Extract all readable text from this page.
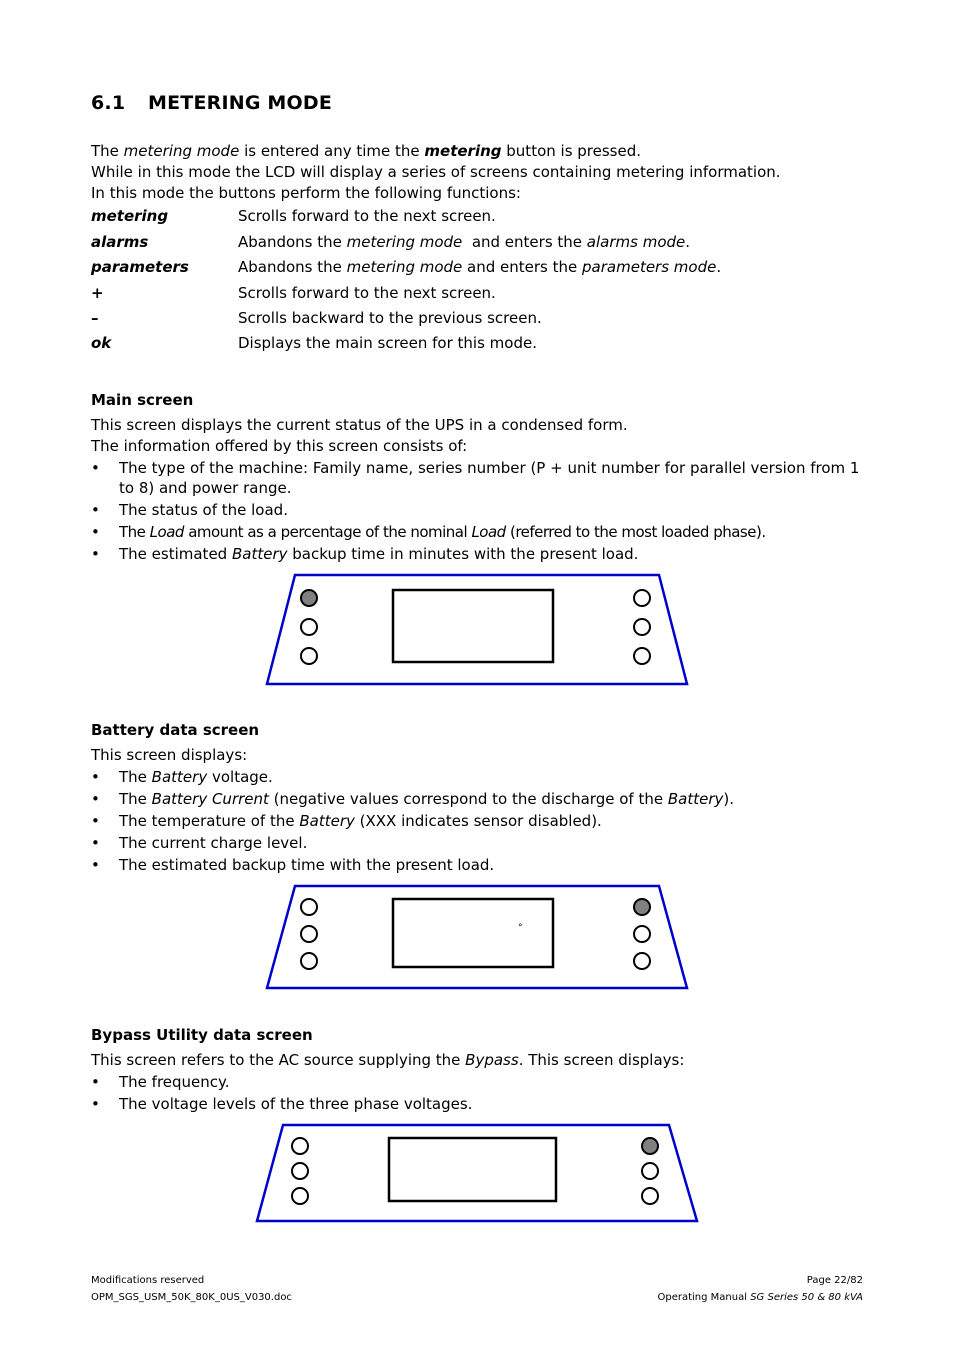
6.1 METERING MODE
The metering mode is entered any time the metering button is pressed.
While in this mode the LCD will display a series of screens containing metering information.
In this mode the buttons perform the following functions:
metering	Scrolls forward to the next screen.
alarms	Abandons the metering mode  and enters the alarms mode.
parameters	Abandons the metering mode and enters the parameters mode.
+	Scrolls forward to the next screen.
–	Scrolls backward to the previous screen.
ok	Displays the main screen for this mode.
Main screen
This screen displays the current status of the UPS in a condensed form.
The information offered by this screen consists of:
• The type of the machine: Family name, series number (P + unit number for parallel version from 1
to 8) and power range.
• The status of the load.
• The Load amount as a percentage of the nominal Load (referred to the most loaded phase).
• The estimated Battery backup time in minutes with the present load.
Battery data screen
This screen displays:
• The Battery voltage.
• The Battery Current (negative values correspond to the discharge of the Battery).
• The temperature of the Battery (XXX indicates sensor disabled).
• The current charge level.
• The estimated backup time with the present load.
°
Bypass Utility data screen
This screen refers to the AC source supplying the Bypass. This screen displays:
• The frequency.
• The voltage levels of the three phase voltages.
Modifications reserved
OPM_SGS_USM_50K_80K_0US_V030.doc
Page 22/82
Operating Manual SG Series 50 & 80 kVA
